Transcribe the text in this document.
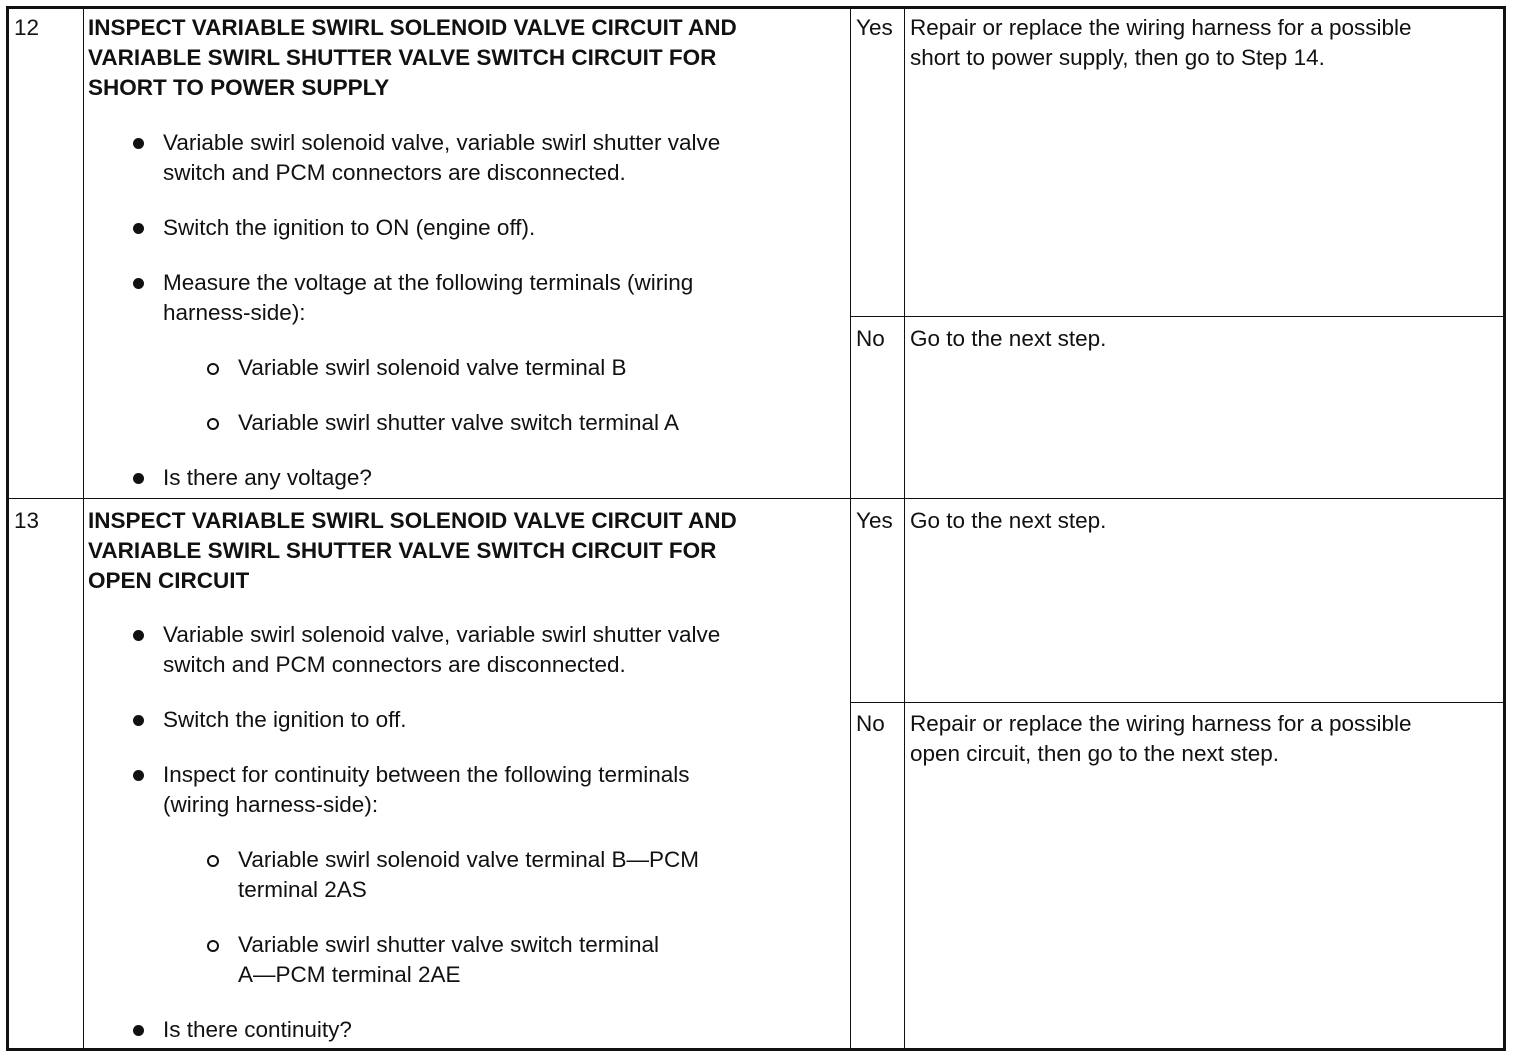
12 INSPECT VARIABLE SWIRL SOLENOID VALVE CIRCUIT AND
VARIABLE SWIRL SHUTTER VALVE SWITCH CIRCUIT FOR
SHORT TO POWER SUPPLY
Variable swirl solenoid valve, variable swirl shutter valve
switch and PCM connectors are disconnected.
Switch the ignition to ON (engine off).
Measure the voltage at the following terminals (wiring
harness-side):
Variable swirl solenoid valve terminal B
Variable swirl shutter valve switch terminal A
Is there any voltage?
Yes Repair or replace the wiring harness for a possible
short to power supply, then go to Step 14.
No Go to the next step.
13 INSPECT VARIABLE SWIRL SOLENOID VALVE CIRCUIT AND
VARIABLE SWIRL SHUTTER VALVE SWITCH CIRCUIT FOR
OPEN CIRCUIT
Variable swirl solenoid valve, variable swirl shutter valve
switch and PCM connectors are disconnected.
Switch the ignition to off.
Inspect for continuity between the following terminals
(wiring harness-side):
Variable swirl solenoid valve terminal B—PCM
terminal 2AS
Variable swirl shutter valve switch terminal
A—PCM terminal 2AE
Is there continuity?
Yes Go to the next step.
No Repair or replace the wiring harness for a possible
open circuit, then go to the next step.
